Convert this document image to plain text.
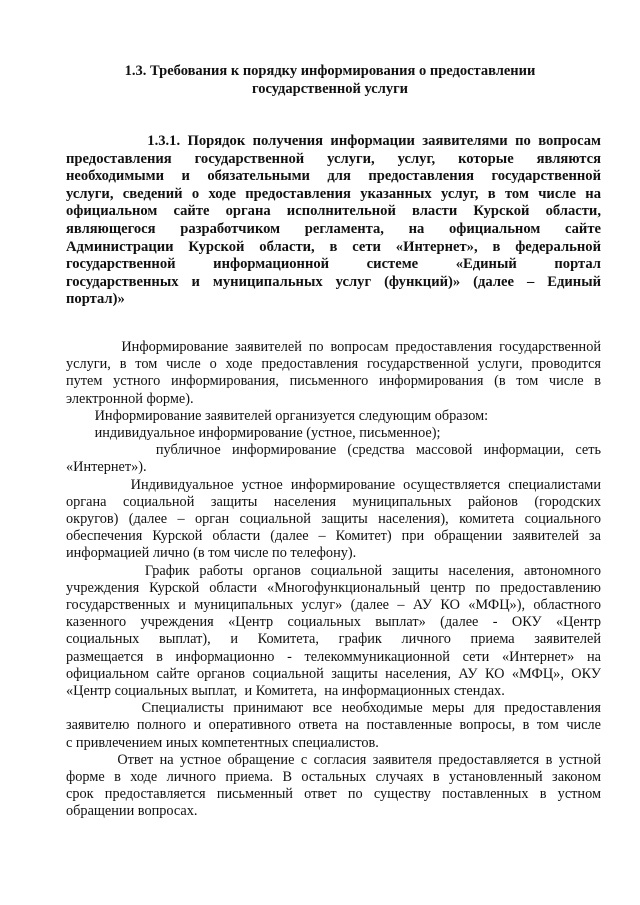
1.3. Требования к порядку информирования о предоставлении
государственной услуги
1.3.1. Порядок получения информации заявителями по вопросам
предоставления государственной услуги, услуг, которые являются
необходимыми и обязательными для предоставления государственной
услуги, сведений о ходе предоставления указанных услуг, в том числе на
официальном сайте органа исполнительной власти Курской области,
являющегося разработчиком регламента, на официальном сайте
Администрации Курской области, в сети «Интернет», в федеральной
государственной информационной системе «Единый портал
государственных и муниципальных услуг (функций)» (далее – Единый
портал)»
Информирование заявителей по вопросам предоставления государственной
услуги, в том числе о ходе предоставления государственной услуги, проводится
путем устного информирования, письменного информирования (в том числе в
электронной форме).
Информирование заявителей организуется следующим образом:
индивидуальное информирование (устное, письменное);
публичное информирование (средства массовой информации, сеть
«Интернет»).
Индивидуальное устное информирование осуществляется специалистами
органа социальной защиты населения муниципальных районов (городских
округов) (далее – орган социальной защиты населения), комитета социального
обеспечения Курской области (далее – Комитет) при обращении заявителей за
информацией лично (в том числе по телефону).
График работы органов социальной защиты населения, автономного
учреждения Курской области «Многофункциональный центр по предоставлению
государственных и муниципальных услуг» (далее – АУ КО «МФЦ»), областного
казенного учреждения «Центр социальных выплат» (далее - ОКУ «Центр
социальных выплат), и Комитета, график личного приема заявителей
размещается в информационно - телекоммуникационной сети «Интернет» на
официальном сайте органов социальной защиты населения, АУ КО «МФЦ», ОКУ
«Центр социальных выплат,  и Комитета,  на информационных стендах.
Специалисты принимают все необходимые меры для предоставления
заявителю полного и оперативного ответа на поставленные вопросы, в том числе
с привлечением иных компетентных специалистов.
Ответ на устное обращение с согласия заявителя предоставляется в устной
форме в ходе личного приема. В остальных случаях в установленный законом
срок предоставляется письменный ответ по существу поставленных в устном
обращении вопросах.
